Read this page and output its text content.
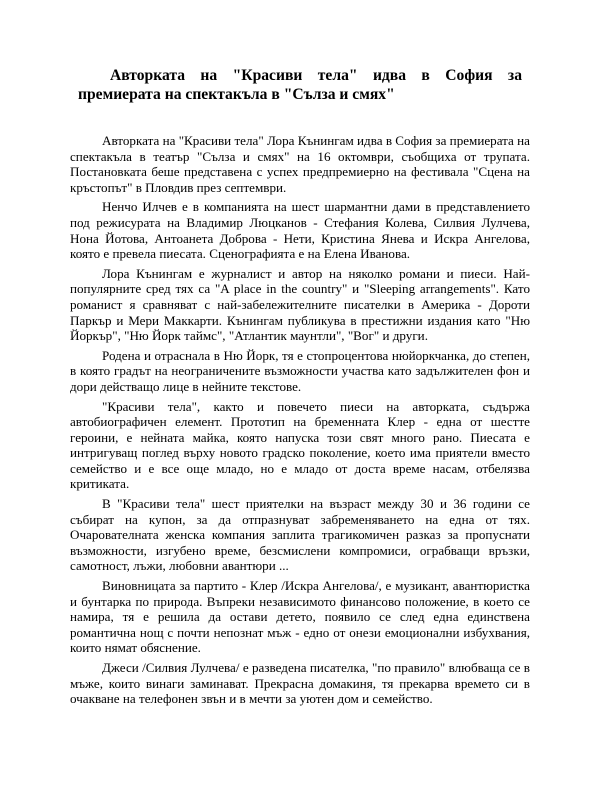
Авторката на "Красиви тела" идва в София за премиерата на спектакъла в "Сълза и смях"

Авторката на "Красиви тела" Лора Кънингам идва в София за премиерата на спектакъла в театър "Сълза и смях" на 16 октомври, съобщиха от трупата. Постановката беше представена с успех предпремиерно на фестивала "Сцена на кръстопът" в Пловдив през септември.

Ненчо Илчев е в компанията на шест шармантни дами в представлението под режисурата на Владимир Люцканов - Стефания Колева, Силвия Лулчева, Нона Йотова, Антоанета Доброва - Нети, Кристина Янева и Искра Ангелова, която е превела пиесата. Сценографията е на Елена Иванова.

Лора Кънингам е журналист и автор на няколко романи и пиеси. Най-популярните сред тях са "A place in the country" и "Sleeping arrangements". Като романист я сравняват с най-забележителните писателки в Америка - Дороти Паркър и Мери Маккарти. Кънингам публикува в престижни издания като "Ню Йоркър", "Ню Йорк таймс", "Атлантик маунтли", "Вог" и други.

Родена и отраснала в Ню Йорк, тя е стопроцентова нюйоркчанка, до степен, в която градът на неограничените възможности участва като задължителен фон и дори действащо лице в нейните текстове.

"Красиви тела", както и повечето пиеси на авторката, съдържа автобиографичен елемент. Прототип на бременната Клер - една от шестте героини, е нейната майка, която напуска този свят много рано. Пиесата е интригуващ поглед върху новото градско поколение, което има приятели вместо семейство и е все още младо, но е младо от доста време насам, отбелязва критиката.

В "Красиви тела" шест приятелки на възраст между 30 и 36 години се събират на купон, за да отпразнуват забременяването на една от тях. Очарователната женска компания заплита трагикомичен разказ за пропуснати възможности, изгубено време, безсмислени компромиси, ограбващи връзки, самотност, лъжи, любовни авантюри ...

Виновницата за партито - Клер /Искра Ангелова/, е музикант, авантюристка и бунтарка по природа. Въпреки независимото финансово положение, в което се намира, тя е решила да остави детето, появило се след една единствена романтична нощ с почти непознат мъж - едно от онези емоционални избухвания, които нямат обяснение.

Джеси /Силвия Лулчева/ е разведена писателка, "по правило" влюбваща се в мъже, които винаги заминават. Прекрасна домакиня, тя прекарва времето си в очакване на телефонен звън и в мечти за уютен дом и семейство.
